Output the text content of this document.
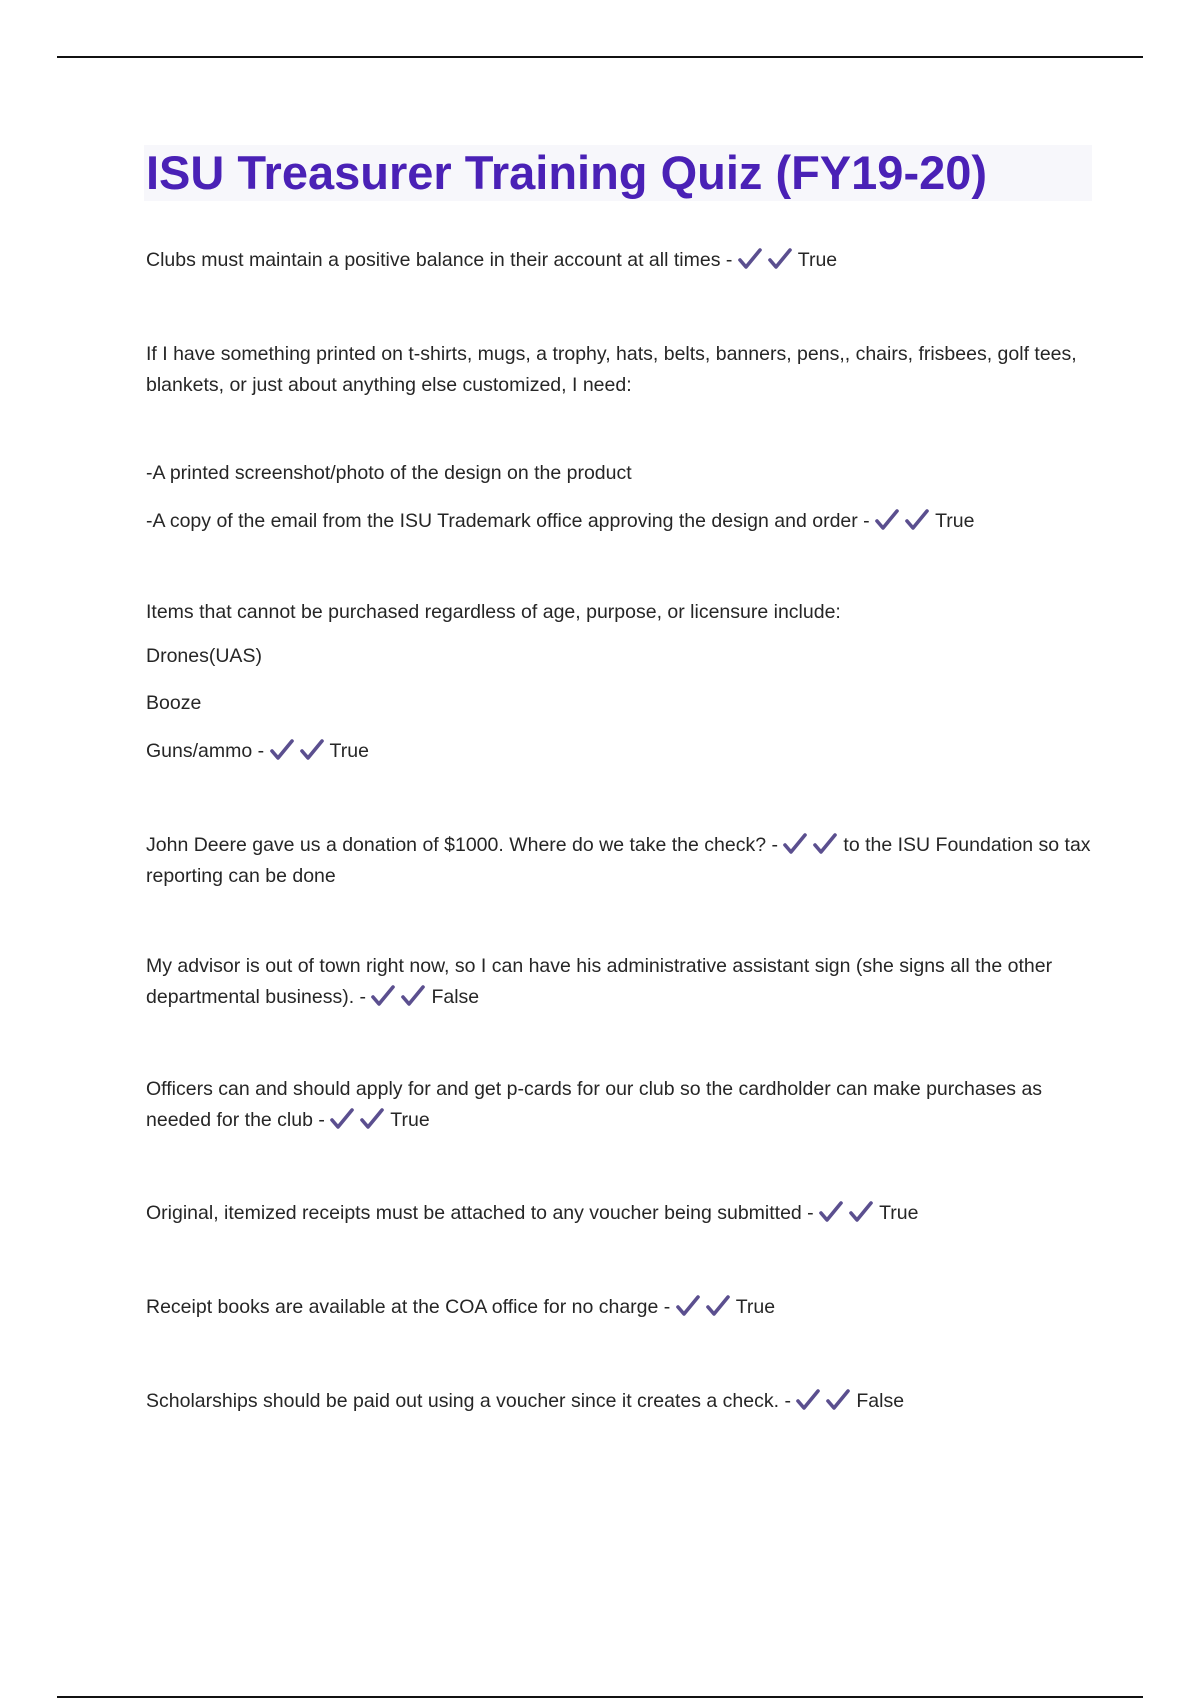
ISU Treasurer Training Quiz (FY19-20)
Clubs must maintain a positive balance in their account at all times -	True
If I have something printed on t-shirts, mugs, a trophy, hats, belts, banners, pens,, chairs, frisbees, golf tees, blankets, or just about anything else customized, I need:
-A printed screenshot/photo of the design on the product
-A copy of the email from the ISU Trademark office approving the design and order -	True
Items that cannot be purchased regardless of age, purpose, or licensure include:
Drones(UAS)
Booze
Guns/ammo -	True
John Deere gave us a donation of $1000. Where do we take the check? -	to the ISU Foundation so tax reporting can be done
My advisor is out of town right now, so I can have his administrative assistant sign (she signs all the other departmental business). -	False
Officers can and should apply for and get p-cards for our club so the cardholder can make purchases as needed for the club -	True
Original, itemized receipts must be attached to any voucher being submitted -	True
Receipt books are available at the COA office for no charge -	True
Scholarships should be paid out using a voucher since it creates a check. -	False
